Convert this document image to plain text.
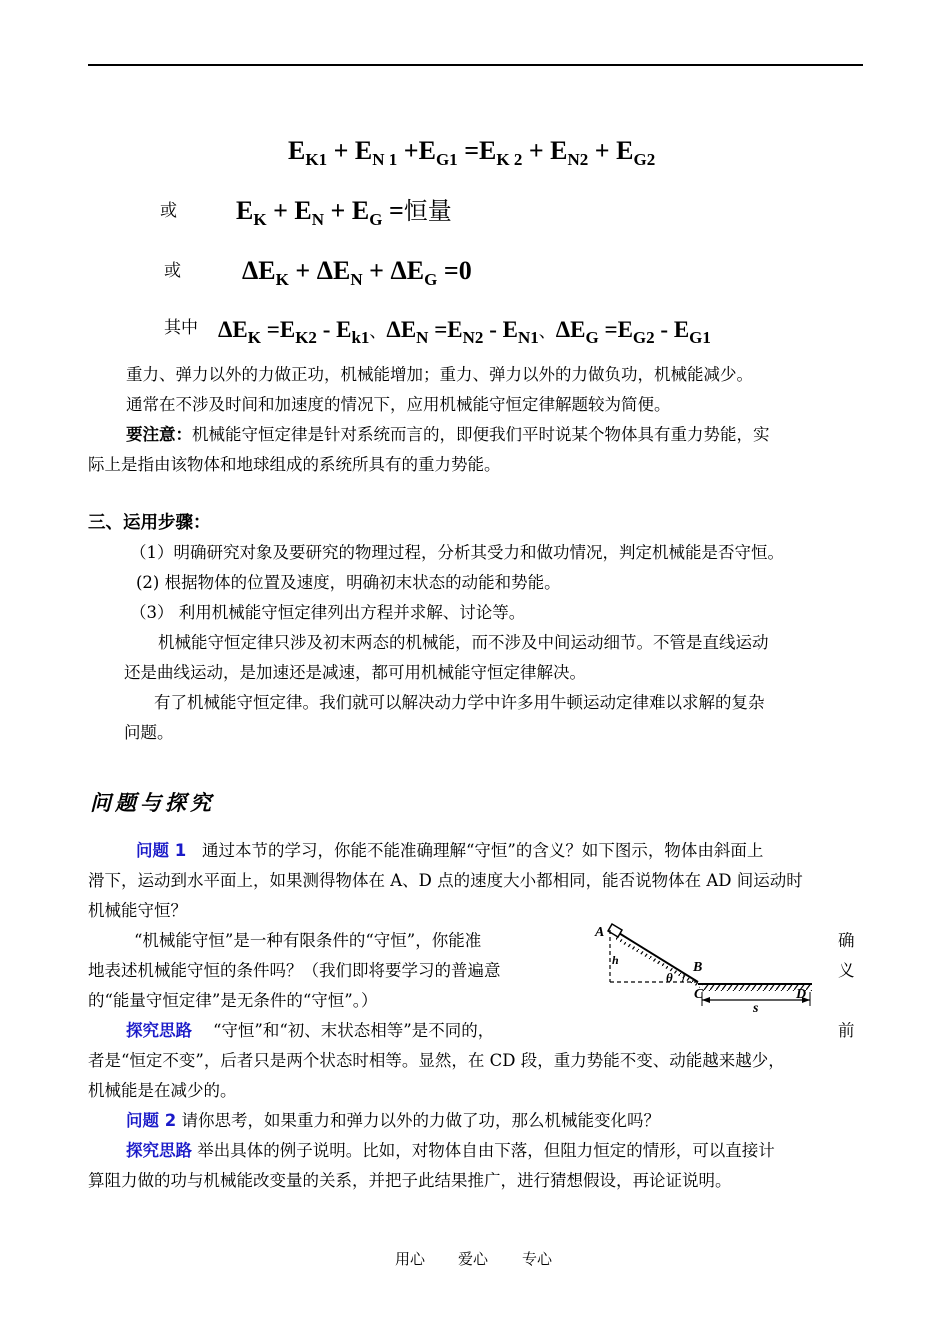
$E_{K1} + E_{N 1} +E_{G1} =E_{K 2} + E_{N2} + E_{G2}$
或 $E_K + E_N + E_G$ =恒量
或 $\Delta E_K + \Delta E_N + \Delta E_G =0$
其中 $\Delta E_K =E_{K2} - E_{k1}$、$\Delta E_N =E_{N2} - E_{N1}$、$\Delta E_G =E_{G2} - E_{G1}$
重力、弹力以外的力做正功，机械能增加；重力、弹力以外的力做负功，机械能减少。
通常在不涉及时间和加速度的情况下，应用机械能守恒定律解题较为简便。
要注意：机械能守恒定律是针对系统而言的，即便我们平时说某个物体具有重力势能，实
际上是指由该物体和地球组成的系统所具有的重力势能。
三、运用步骤：
（1）明确研究对象及要研究的物理过程，分析其受力和做功情况，判定机械能是否守恒。
(2) 根据物体的位置及速度，明确初末状态的动能和势能。
（3） 利用机械能守恒定律列出方程并求解、讨论等。
机械能守恒定律只涉及初末两态的机械能，而不涉及中间运动细节。不管是直线运动
还是曲线运动，是加速还是减速，都可用机械能守恒定律解决。
有了机械能守恒定律。我们就可以解决动力学中许多用牛顿运动定律难以求解的复杂
问题。
问题与探究
问题 1 通过本节的学习，你能不能准确理解“守恒”的含义？如下图示，物体由斜面上
滑下，运动到水平面上，如果测得物体在 A、D 点的速度大小都相同，能否说物体在 AD 间运动时
机械能守恒？
“机械能守恒”是一种有限条件的“守恒”，你能准	确
地表述机械能守恒的条件吗？（我们即将要学习的普遍意	义
的“能量守恒定律”是无条件的“守恒”。）
探究思路 “守恒”和“初、末状态相等”是不同的，	前
者是“恒定不变”，后者只是两个状态时相等。显然，在 CD 段，重力势能不变、动能越来越少，
机械能是在减少的。
问题 2 请你思考，如果重力和弹力以外的力做了功，那么机械能变化吗？
探究思路 举出具体的例子说明。比如，对物体自由下落，但阻力恒定的情形，可以直接计
算阻力做的功与机械能改变量的关系，并把子此结果推广，进行猜想假设，再论证说明。
A
h
θ
B
C
s
D
用心 爱心 专心
